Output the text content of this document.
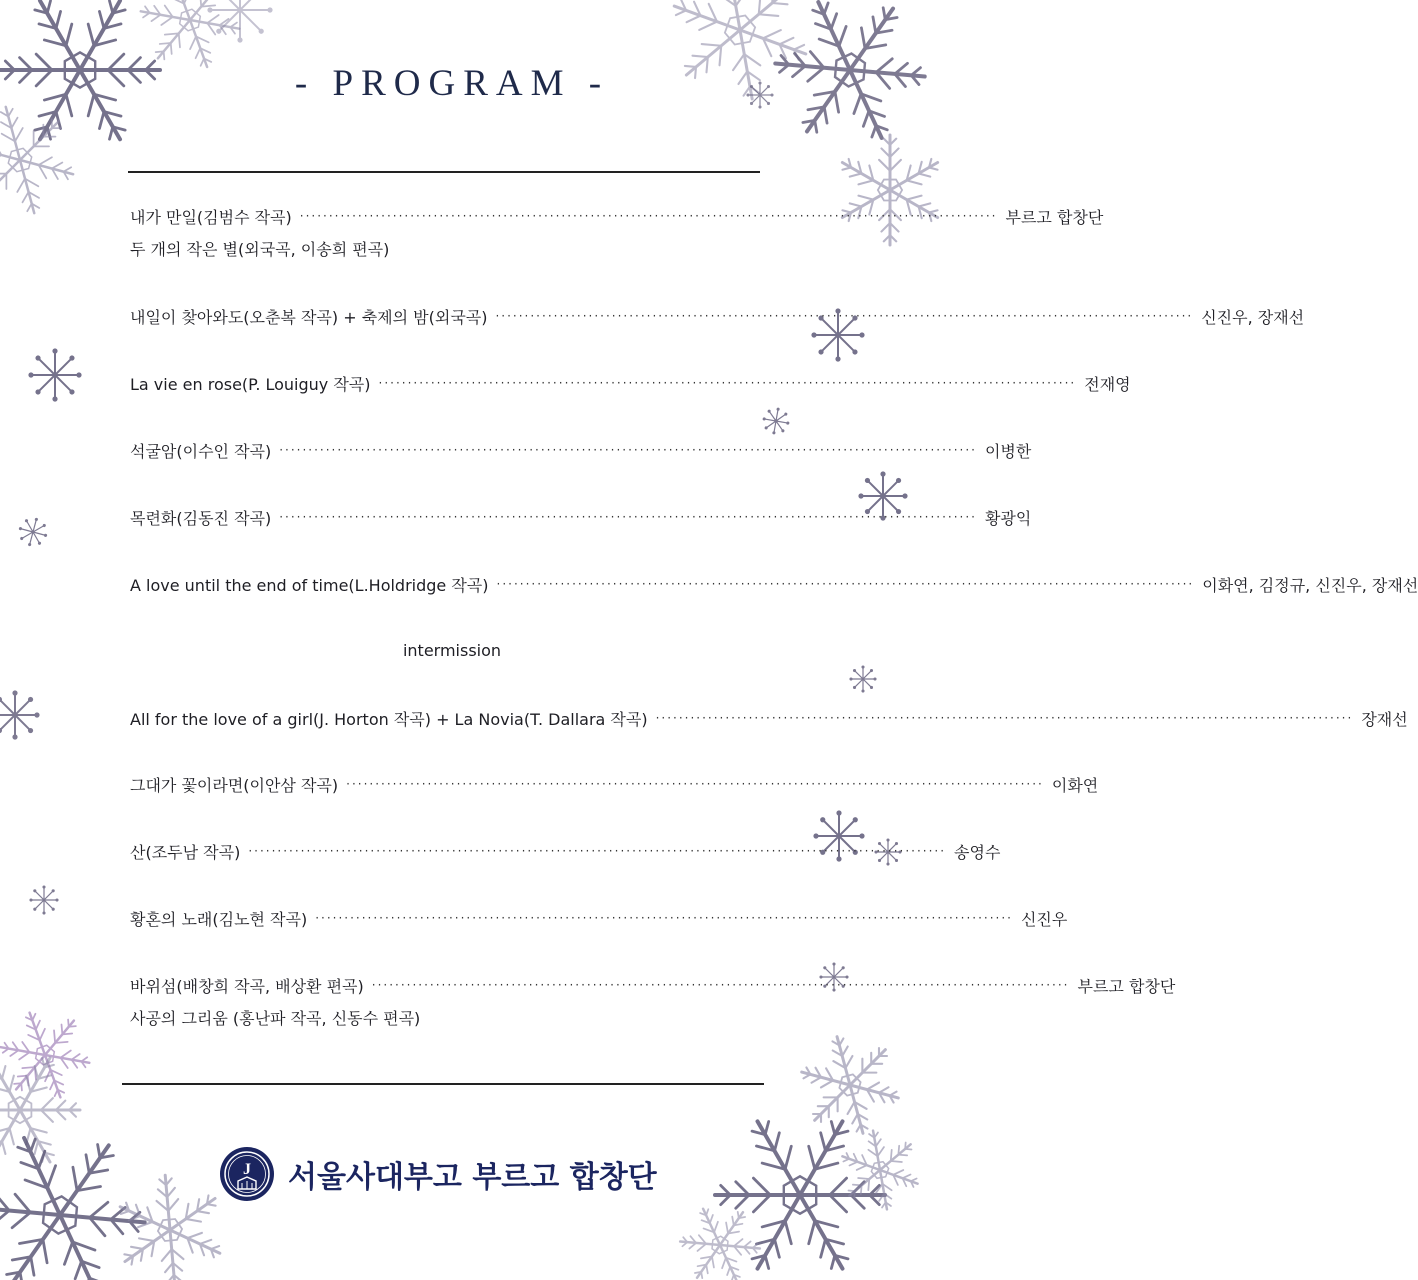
- PROGRAM -
내가 만일(김범수 작곡) ························································································································ 부르고 합창단
두 개의 작은 별(외국곡, 이송희 편곡)
내일이 찾아와도(오춘복 작곡) + 축제의 밤(외국곡) ························································································································ 신진우, 장재선
La vie en rose(P. Louiguy 작곡) ························································································································ 전재영
석굴암(이수인 작곡) ························································································································ 이병한
목련화(김동진 작곡) ························································································································ 황광익
A love until the end of time(L.Holdridge 작곡) ························································································································ 이화연, 김정규, 신진우, 장재선
intermission
All for the love of a girl(J. Horton 작곡) + La Novia(T. Dallara 작곡) ························································································································ 장재선
그대가 꽃이라면(이안삼 작곡) ························································································································ 이화연
산(조두남 작곡) ························································································································ 송영수
황혼의 노래(김노현 작곡) ························································································································ 신진우
바위섬(배창희 작곡, 배상환 편곡) ························································································································ 부르고 합창단
사공의 그리움 (홍난파 작곡, 신동수 편곡)
J 서울사대부고 부르고 합창단
